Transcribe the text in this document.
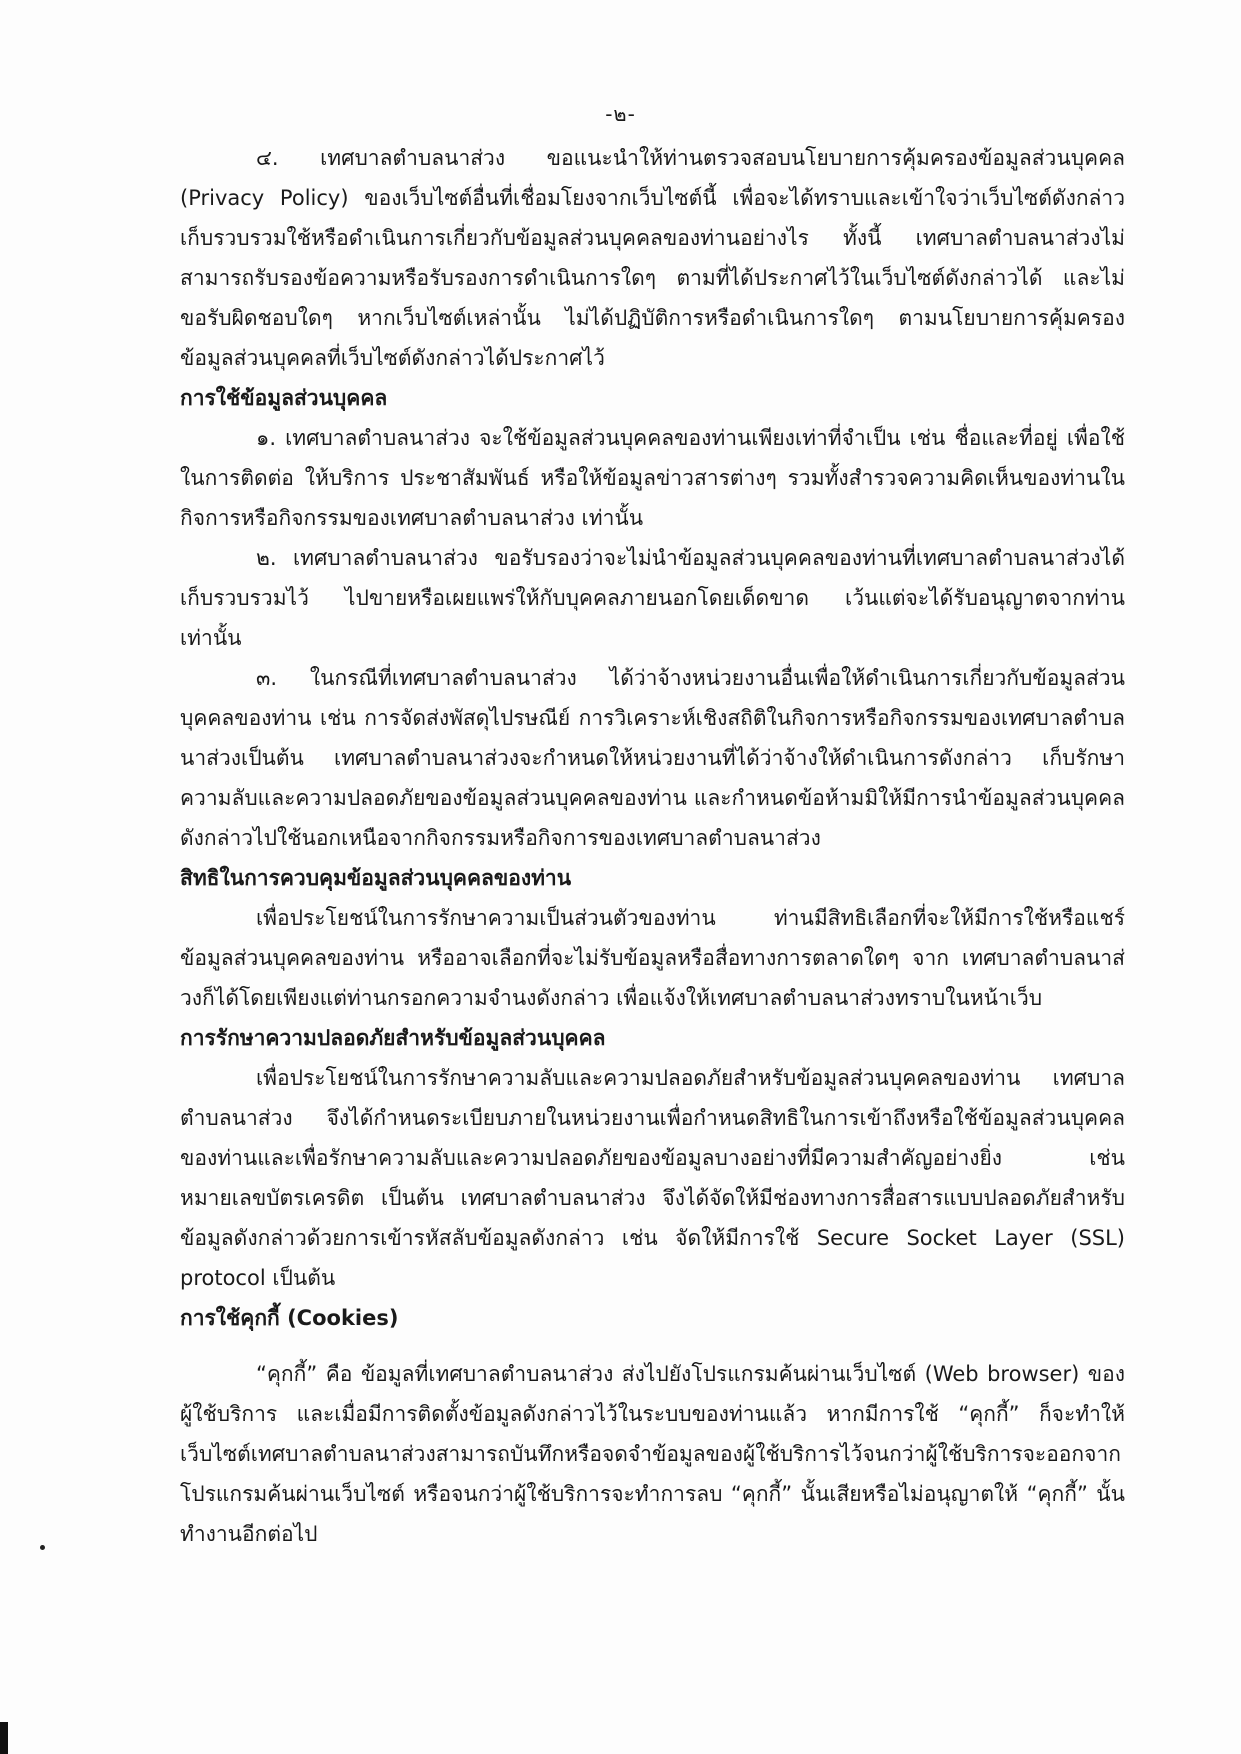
-๒-

๔. เทศบาลตำบลนาส่วง ขอแนะนำให้ท่านตรวจสอบนโยบายการคุ้มครองข้อมูลส่วนบุคคล (Privacy Policy) ของเว็บไซต์อื่นที่เชื่อมโยงจากเว็บไซต์นี้ เพื่อจะได้ทราบและเข้าใจว่าเว็บไซต์ดังกล่าวเก็บรวบรวมใช้หรือดำเนินการเกี่ยวกับข้อมูลส่วนบุคคลของท่านอย่างไร ทั้งนี้ เทศบาลตำบลนาส่วงไม่สามารถรับรองข้อความหรือรับรองการดำเนินการใดๆ ตามที่ได้ประกาศไว้ในเว็บไซต์ดังกล่าวได้ และไม่ขอรับผิดชอบใดๆ หากเว็บไซต์เหล่านั้น ไม่ได้ปฏิบัติการหรือดำเนินการใดๆ ตามนโยบายการคุ้มครองข้อมูลส่วนบุคคลที่เว็บไซต์ดังกล่าวได้ประกาศไว้

การใช้ข้อมูลส่วนบุคคล

๑. เทศบาลตำบลนาส่วง จะใช้ข้อมูลส่วนบุคคลของท่านเพียงเท่าที่จำเป็น เช่น ชื่อและที่อยู่ เพื่อใช้ในการติดต่อ ให้บริการ ประชาสัมพันธ์ หรือให้ข้อมูลข่าวสารต่างๆ รวมทั้งสำรวจความคิดเห็นของท่านในกิจการหรือกิจกรรมของเทศบาลตำบลนาส่วง เท่านั้น

๒. เทศบาลตำบลนาส่วง ขอรับรองว่าจะไม่นำข้อมูลส่วนบุคคลของท่านที่เทศบาลตำบลนาส่วงได้เก็บรวบรวมไว้ ไปขายหรือเผยแพร่ให้กับบุคคลภายนอกโดยเด็ดขาด เว้นแต่จะได้รับอนุญาตจากท่านเท่านั้น

๓. ในกรณีที่เทศบาลตำบลนาส่วง ได้ว่าจ้างหน่วยงานอื่นเพื่อให้ดำเนินการเกี่ยวกับข้อมูลส่วนบุคคลของท่าน เช่น การจัดส่งพัสดุไปรษณีย์ การวิเคราะห์เชิงสถิติในกิจการหรือกิจกรรมของเทศบาลตำบลนาส่วงเป็นต้น เทศบาลตำบลนาส่วงจะกำหนดให้หน่วยงานที่ได้ว่าจ้างให้ดำเนินการดังกล่าว เก็บรักษาความลับและความปลอดภัยของข้อมูลส่วนบุคคลของท่าน และกำหนดข้อห้ามมิให้มีการนำข้อมูลส่วนบุคคลดังกล่าวไปใช้นอกเหนือจากกิจกรรมหรือกิจการของเทศบาลตำบลนาส่วง

สิทธิในการควบคุมข้อมูลส่วนบุคคลของท่าน

เพื่อประโยชน์ในการรักษาความเป็นส่วนตัวของท่าน ท่านมีสิทธิเลือกที่จะให้มีการใช้หรือแชร์ข้อมูลส่วนบุคคลของท่าน หรืออาจเลือกที่จะไม่รับข้อมูลหรือสื่อทางการตลาดใดๆ จาก เทศบาลตำบลนาส่วงก็ได้โดยเพียงแต่ท่านกรอกความจำนงดังกล่าว เพื่อแจ้งให้เทศบาลตำบลนาส่วงทราบในหน้าเว็บ

การรักษาความปลอดภัยสำหรับข้อมูลส่วนบุคคล

เพื่อประโยชน์ในการรักษาความลับและความปลอดภัยสำหรับข้อมูลส่วนบุคคลของท่าน เทศบาลตำบลนาส่วง จึงได้กำหนดระเบียบภายในหน่วยงานเพื่อกำหนดสิทธิในการเข้าถึงหรือใช้ข้อมูลส่วนบุคคลของท่านและเพื่อรักษาความลับและความปลอดภัยของข้อมูลบางอย่างที่มีความสำคัญอย่างยิ่ง เช่น หมายเลขบัตรเครดิต เป็นต้น เทศบาลตำบลนาส่วง จึงได้จัดให้มีช่องทางการสื่อสารแบบปลอดภัยสำหรับข้อมูลดังกล่าวด้วยการเข้ารหัสลับข้อมูลดังกล่าว เช่น จัดให้มีการใช้ Secure Socket Layer (SSL) protocol เป็นต้น

การใช้คุกกี้ (Cookies)

“คุกกี้” คือ ข้อมูลที่เทศบาลตำบลนาส่วง ส่งไปยังโปรแกรมค้นผ่านเว็บไซต์ (Web browser) ของผู้ใช้บริการ และเมื่อมีการติดตั้งข้อมูลดังกล่าวไว้ในระบบของท่านแล้ว หากมีการใช้ “คุกกี้” ก็จะทำให้เว็บไซต์เทศบาลตำบลนาส่วงสามารถบันทึกหรือจดจำข้อมูลของผู้ใช้บริการไว้จนกว่าผู้ใช้บริการจะออกจากโปรแกรมค้นผ่านเว็บไซต์ หรือจนกว่าผู้ใช้บริการจะทำการลบ “คุกกี้” นั้นเสียหรือไม่อนุญาตให้ “คุกกี้” นั้นทำงานอีกต่อไป
